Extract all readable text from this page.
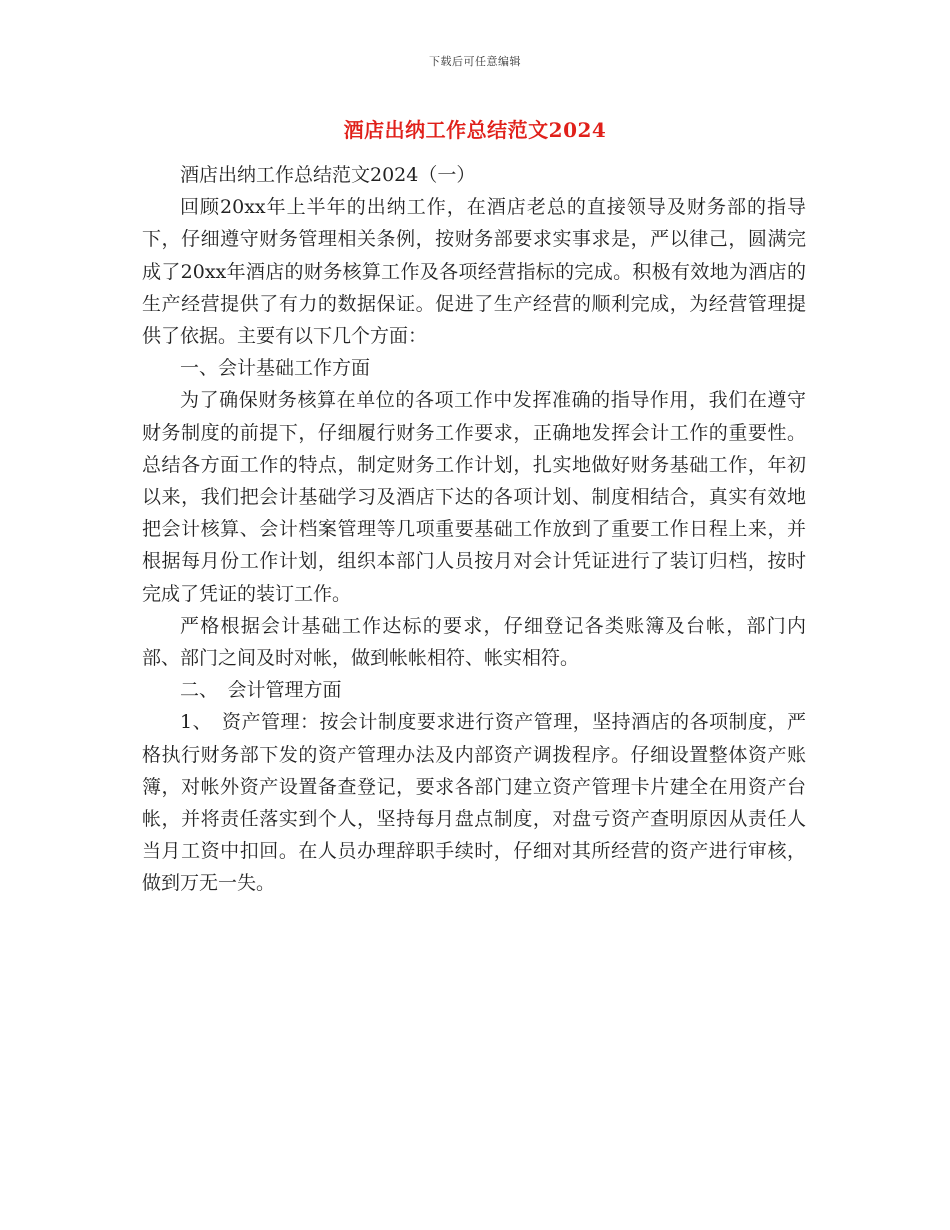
下载后可任意编辑
酒店出纳工作总结范文2024

酒店出纳工作总结范文2024（一）

回顾20xx年上半年的出纳工作，在酒店老总的直接领导及财务部的指导下，仔细遵守财务管理相关条例，按财务部要求实事求是，严以律己，圆满完成了20xx年酒店的财务核算工作及各项经营指标的完成。积极有效地为酒店的生产经营提供了有力的数据保证。促进了生产经营的顺利完成，为经营管理提供了依据。主要有以下几个方面：

一、会计基础工作方面

为了确保财务核算在单位的各项工作中发挥准确的指导作用，我们在遵守财务制度的前提下，仔细履行财务工作要求，正确地发挥会计工作的重要性。总结各方面工作的特点，制定财务工作计划，扎实地做好财务基础工作，年初以来，我们把会计基础学习及酒店下达的各项计划、制度相结合，真实有效地把会计核算、会计档案管理等几项重要基础工作放到了重要工作日程上来，并根据每月份工作计划，组织本部门人员按月对会计凭证进行了装订归档，按时完成了凭证的装订工作。

严格根据会计基础工作达标的要求，仔细登记各类账簿及台帐，部门内部、部门之间及时对帐，做到帐帐相符、帐实相符。

二、　会计管理方面

1、　资产管理：按会计制度要求进行资产管理，坚持酒店的各项制度，严格执行财务部下发的资产管理办法及内部资产调拨程序。仔细设置整体资产账簿，对帐外资产设置备查登记，要求各部门建立资产管理卡片建全在用资产台帐，并将责任落实到个人，坚持每月盘点制度，对盘亏资产查明原因从责任人当月工资中扣回。在人员办理辞职手续时，仔细对其所经营的资产进行审核，做到万无一失。
